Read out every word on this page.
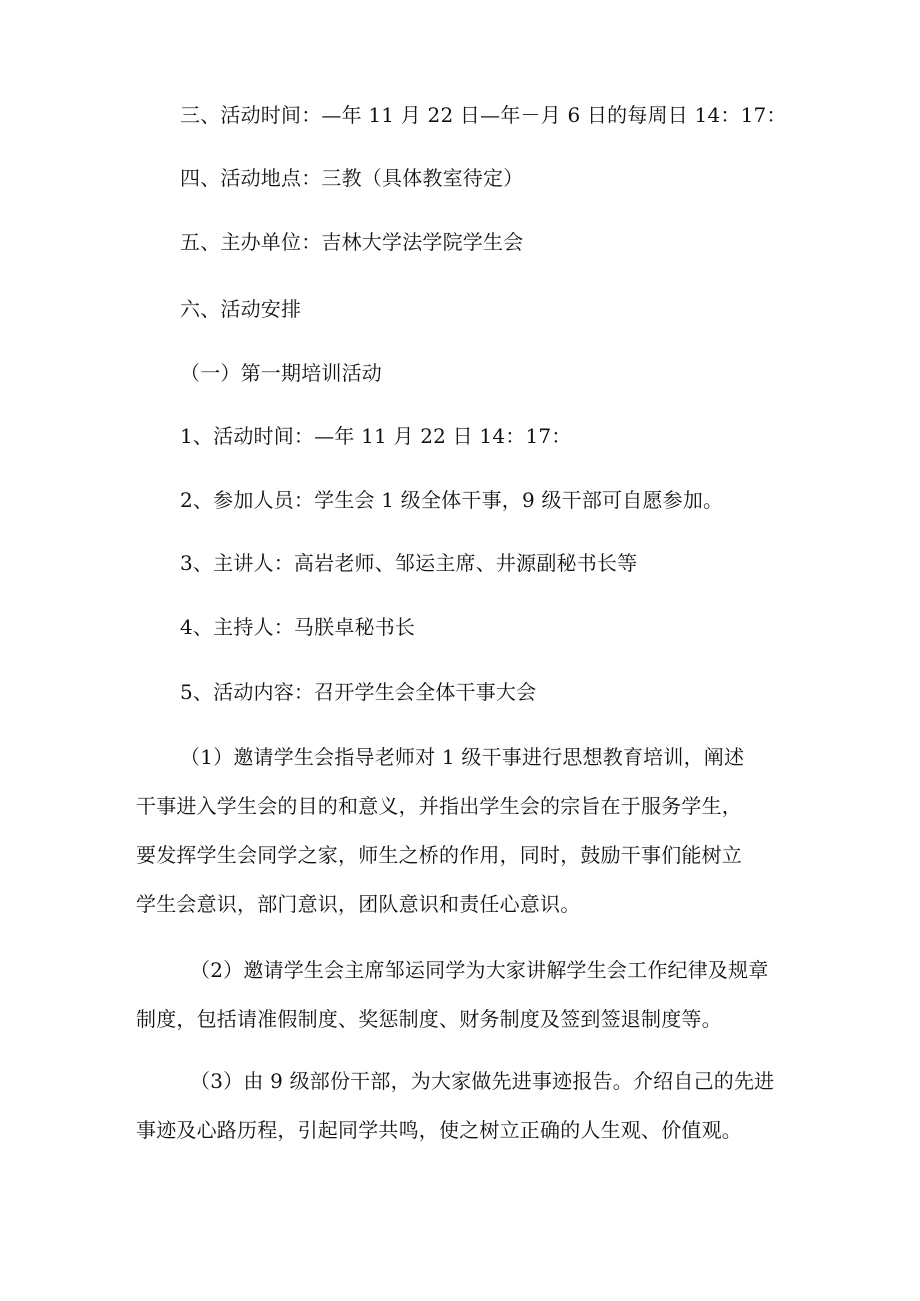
三、活动时间：—年 11 月 22 日—年－月 6 日的每周日 14：17：
四、活动地点：三教（具体教室待定）
五、主办单位：吉林大学法学院学生会
六、活动安排
（一）第一期培训活动
1、活动时间：—年 11 月 22 日 14：17：
2、参加人员：学生会 1 级全体干事，9 级干部可自愿参加。
3、主讲人：高岩老师、邹运主席、井源副秘书长等
4、主持人：马朕卓秘书长
5、活动内容：召开学生会全体干事大会
（1）邀请学生会指导老师对 1 级干事进行思想教育培训，阐述
干事进入学生会的目的和意义，并指出学生会的宗旨在于服务学生，
要发挥学生会同学之家，师生之桥的作用，同时，鼓励干事们能树立
学生会意识，部门意识，团队意识和责任心意识。
（2）邀请学生会主席邹运同学为大家讲解学生会工作纪律及规章
制度，包括请准假制度、奖惩制度、财务制度及签到签退制度等。
（3）由 9 级部份干部，为大家做先进事迹报告。介绍自己的先进
事迹及心路历程，引起同学共鸣，使之树立正确的人生观、价值观。
